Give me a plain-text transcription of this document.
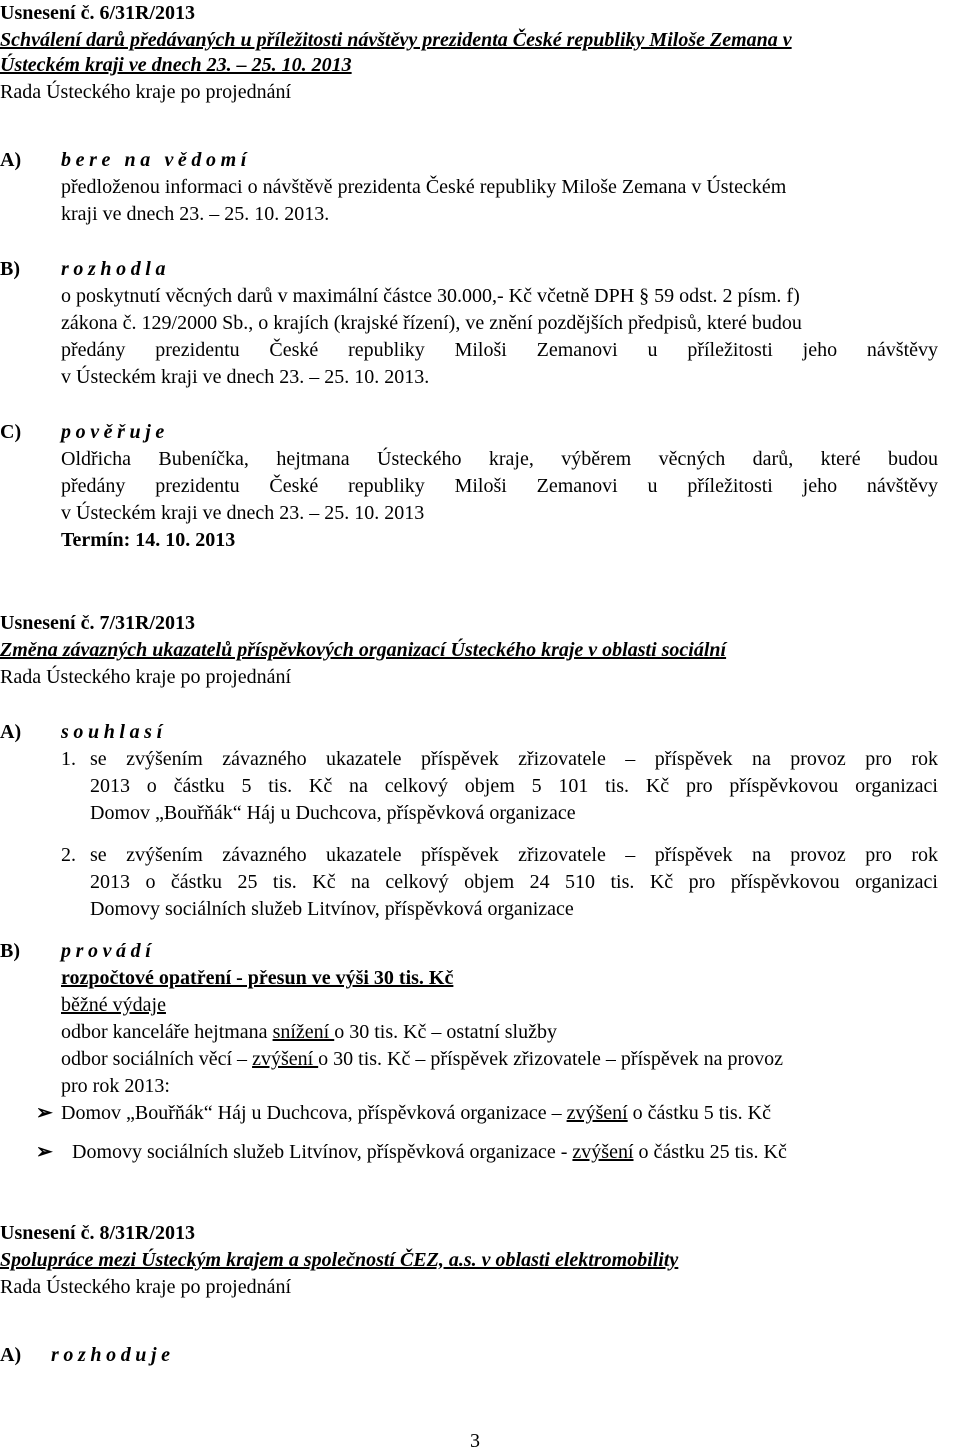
Usnesení č. 6/31R/2013
Schválení darů předávaných u příležitosti návštěvy prezidenta České republiky Miloše Zemana v
Ústeckém kraji ve dnech 23. – 25. 10. 2013
Rada Ústeckého kraje po projednání
A) bere na vědomí
předloženou informaci o návštěvě prezidenta České republiky Miloše Zemana v Ústeckém
kraji ve dnech 23. – 25. 10. 2013.
B) rozhodla
o poskytnutí věcných darů v maximální částce 30.000,- Kč včetně DPH § 59 odst. 2 písm. f)
zákona č. 129/2000 Sb., o krajích (krajské řízení), ve znění pozdějších předpisů, které budou
předány prezidentu České republiky Miloši Zemanovi u příležitosti jeho návštěvy
v Ústeckém kraji ve dnech 23. – 25. 10. 2013.
C) pověřuje
Oldřicha Bubeníčka, hejtmana Ústeckého kraje, výběrem věcných darů, které budou
předány prezidentu České republiky Miloši Zemanovi u příležitosti jeho návštěvy
v Ústeckém kraji ve dnech 23. – 25. 10. 2013
Termín: 14. 10. 2013
Usnesení č. 7/31R/2013
Změna závazných ukazatelů příspěvkových organizací Ústeckého kraje v oblasti sociální
Rada Ústeckého kraje po projednání
A) souhlasí
1. se zvýšením závazného ukazatele příspěvek zřizovatele – příspěvek na provoz pro rok
2013 o částku 5 tis. Kč na celkový objem 5 101 tis. Kč pro příspěvkovou organizaci
Domov „Bouřňák“ Háj u Duchcova, příspěvková organizace
2. se zvýšením závazného ukazatele příspěvek zřizovatele – příspěvek na provoz pro rok
2013 o částku 25 tis. Kč na celkový objem 24 510 tis. Kč pro příspěvkovou organizaci
Domovy sociálních služeb Litvínov, příspěvková organizace
B) provádí
rozpočtové opatření - přesun ve výši 30 tis. Kč
běžné výdaje
odbor kanceláře hejtmana snížení o 30 tis. Kč – ostatní služby
odbor sociálních věcí – zvýšení o 30 tis. Kč – příspěvek zřizovatele – příspěvek na provoz
pro rok 2013:
➢ Domov „Bouřňák“ Háj u Duchcova, příspěvková organizace – zvýšení o částku 5 tis. Kč
➢ Domovy sociálních služeb Litvínov, příspěvková organizace - zvýšení o částku 25 tis. Kč
Usnesení č. 8/31R/2013
Spolupráce mezi Ústeckým krajem a společností ČEZ, a.s. v oblasti elektromobility
Rada Ústeckého kraje po projednání
A) rozhoduje
3
